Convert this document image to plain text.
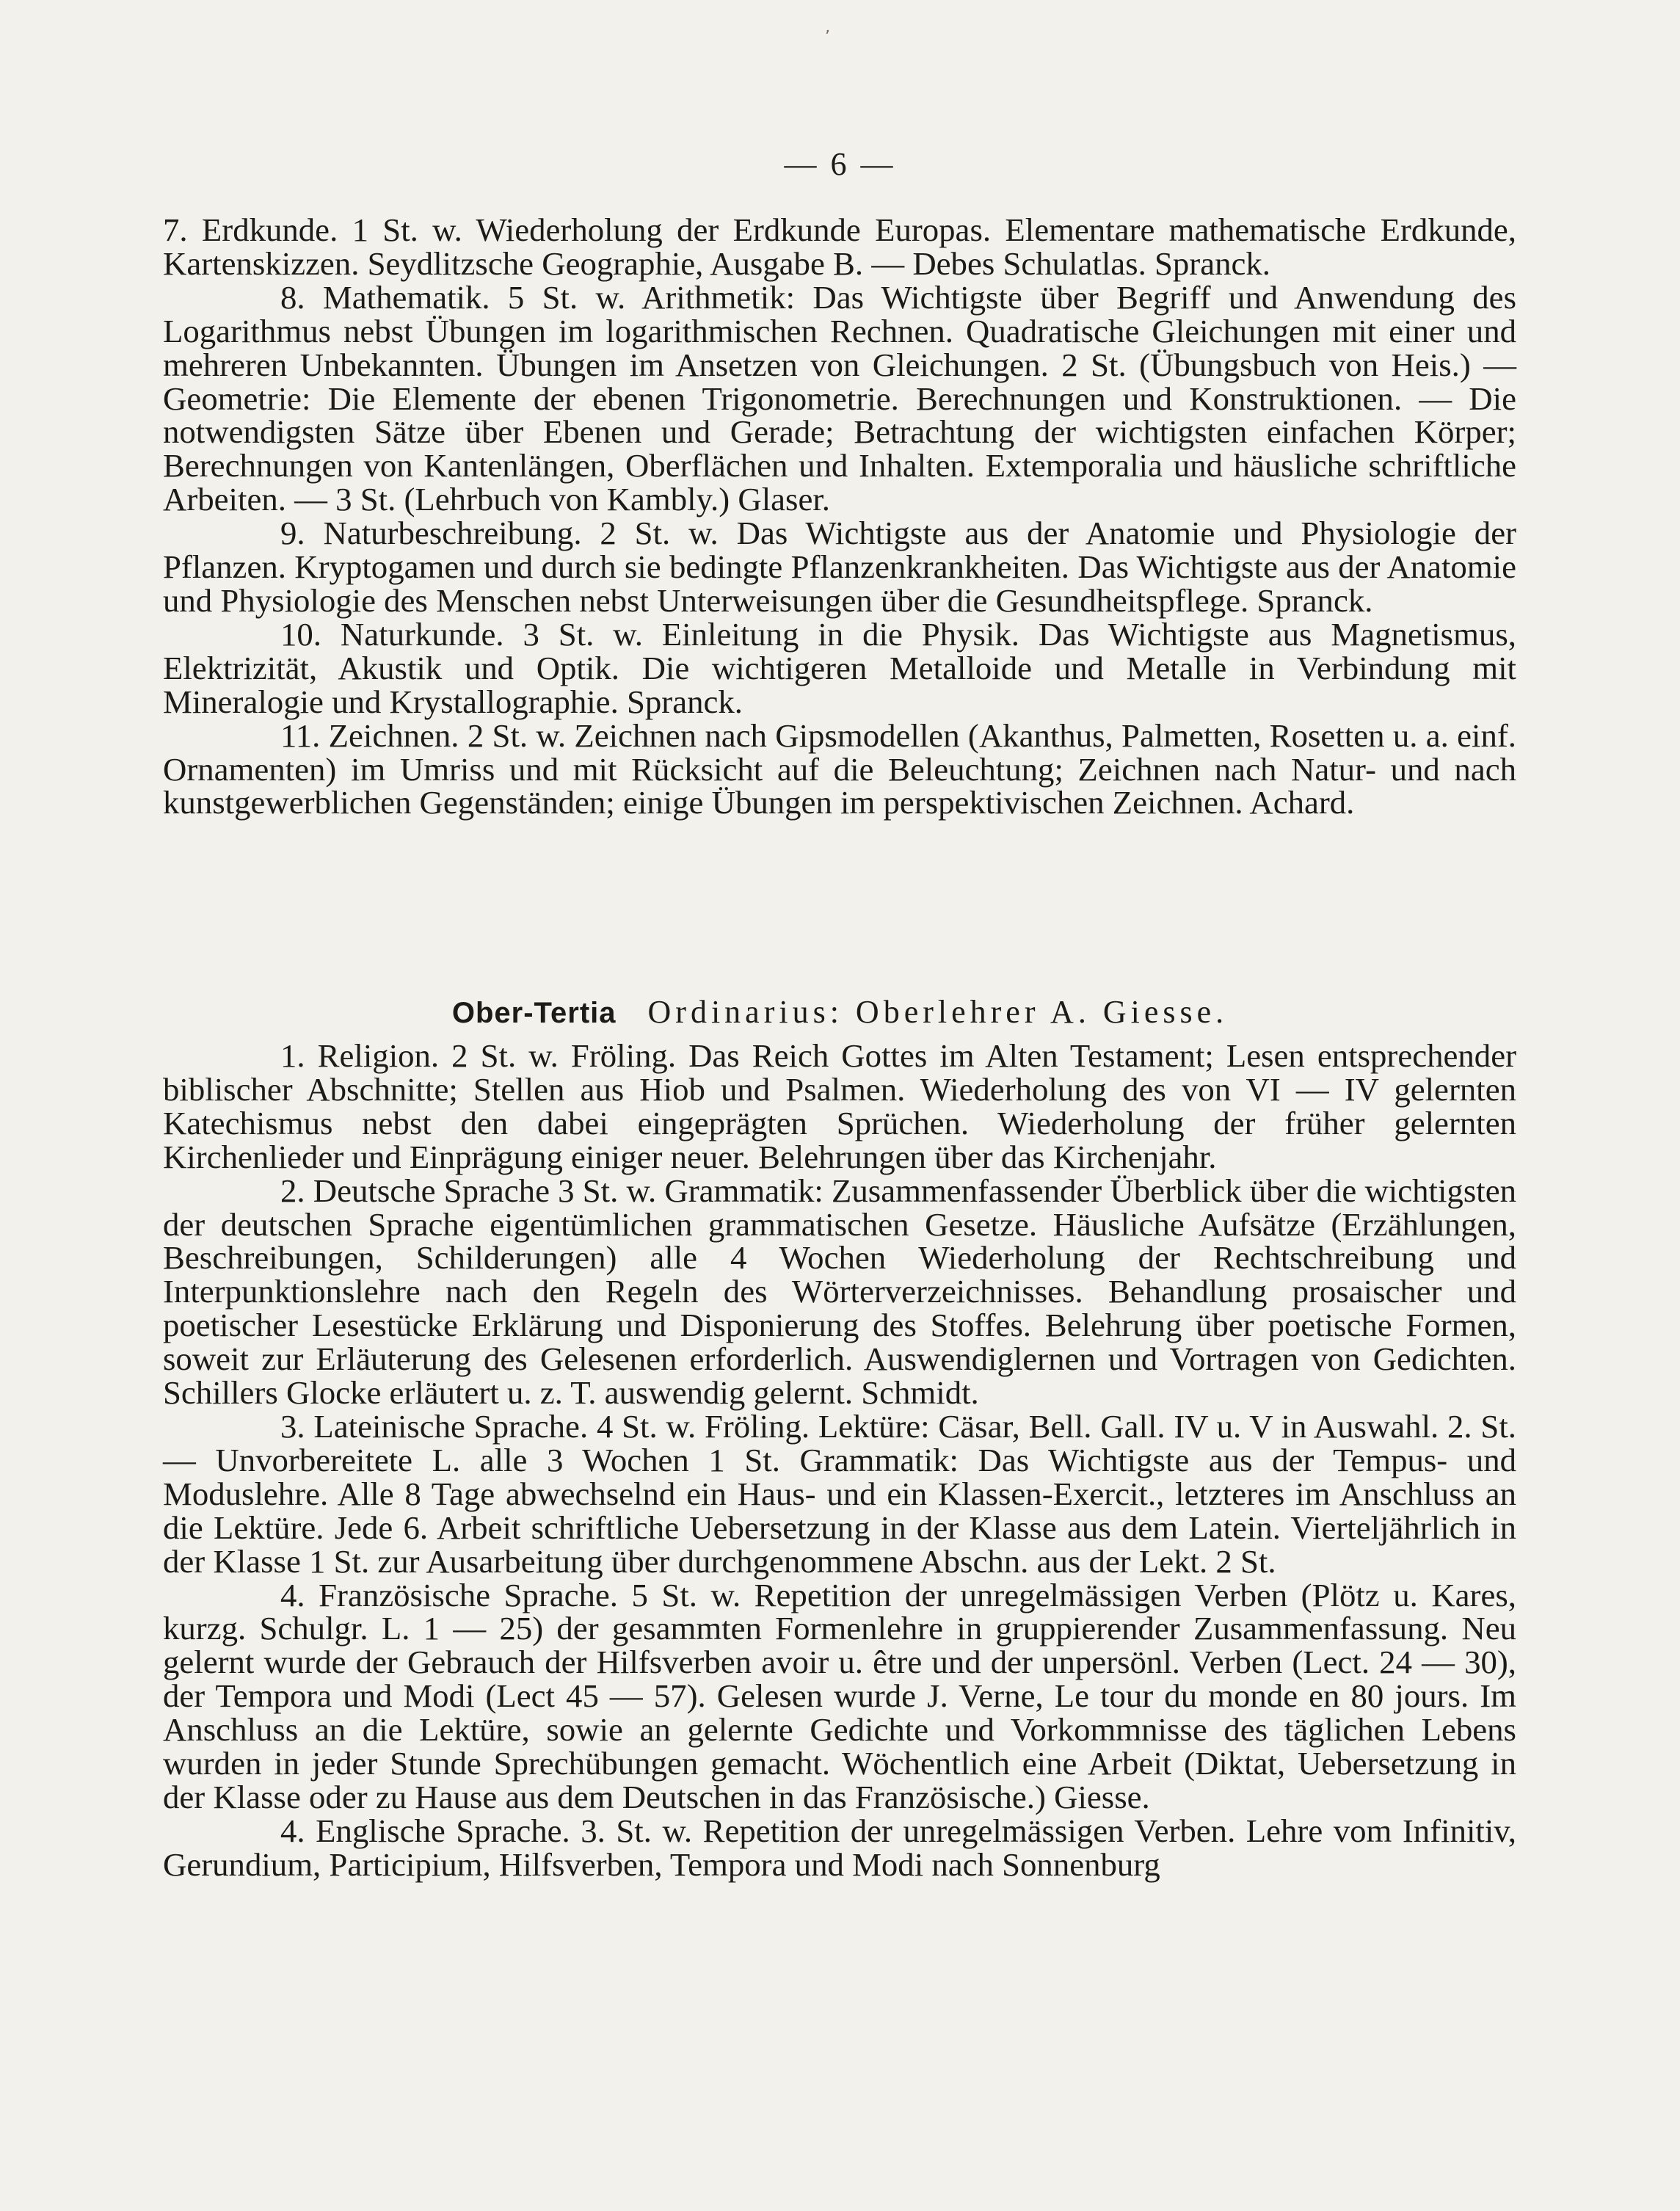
ʼ
— 6 —

7. Erdkunde. 1 St. w. Wiederholung der Erdkunde Europas. Elementare mathematische Erdkunde, Kartenskizzen. Seydlitzsche Geographie, Ausgabe B. — Debes Schulatlas. Spranck.

8. Mathematik. 5 St. w. Arithmetik: Das Wichtigste über Begriff und Anwendung des Logarithmus nebst Übungen im logarithmischen Rechnen. Quadratische Gleichungen mit einer und mehreren Unbekannten. Übungen im Ansetzen von Gleichungen. 2 St. (Übungsbuch von Heis.) — Geometrie: Die Elemente der ebenen Trigonometrie. Berechnungen und Konstruktionen. — Die notwendigsten Sätze über Ebenen und Gerade; Betrachtung der wichtigsten einfachen Körper; Berechnungen von Kantenlängen, Oberflächen und Inhalten. Extemporalia und häusliche schriftliche Arbeiten. — 3 St. (Lehrbuch von Kambly.) Glaser.

9. Naturbeschreibung. 2 St. w. Das Wichtigste aus der Anatomie und Physiologie der Pflanzen. Kryptogamen und durch sie bedingte Pflanzenkrankheiten. Das Wichtigste aus der Anatomie und Physiologie des Menschen nebst Unterweisungen über die Gesundheitspflege. Spranck.

10. Naturkunde. 3 St. w. Einleitung in die Physik. Das Wichtigste aus Magnetismus, Elektrizität, Akustik und Optik. Die wichtigeren Metalloide und Metalle in Verbindung mit Mineralogie und Krystallographie. Spranck.

11. Zeichnen. 2 St. w. Zeichnen nach Gipsmodellen (Akanthus, Palmetten, Rosetten u. a. einf. Ornamenten) im Umriss und mit Rücksicht auf die Beleuchtung; Zeichnen nach Natur- und nach kunstgewerblichen Gegenständen; einige Übungen im perspektivischen Zeichnen. Achard.

Ober-Tertia Ordinarius: Oberlehrer A. Giesse.

1. Religion. 2 St. w. Fröling. Das Reich Gottes im Alten Testament; Lesen entsprechender biblischer Abschnitte; Stellen aus Hiob und Psalmen. Wiederholung des von VI — IV gelernten Katechismus nebst den dabei eingeprägten Sprüchen. Wiederholung der früher gelernten Kirchenlieder und Einprägung einiger neuer. Belehrungen über das Kirchenjahr.

2. Deutsche Sprache 3 St. w. Grammatik: Zusammenfassender Überblick über die wichtigsten der deutschen Sprache eigentümlichen grammatischen Gesetze. Häusliche Aufsätze (Erzählungen, Beschreibungen, Schilderungen) alle 4 Wochen Wiederholung der Rechtschreibung und Interpunktionslehre nach den Regeln des Wörterverzeichnisses. Behandlung prosaischer und poetischer Lesestücke Erklärung und Disponierung des Stoffes. Belehrung über poetische Formen, soweit zur Erläuterung des Gelesenen erforderlich. Auswendiglernen und Vortragen von Gedichten. Schillers Glocke erläutert u. z. T. auswendig gelernt. Schmidt.

3. Lateinische Sprache. 4 St. w. Fröling. Lektüre: Cäsar, Bell. Gall. IV u. V in Auswahl. 2. St. — Unvorbereitete L. alle 3 Wochen 1 St. Grammatik: Das Wichtigste aus der Tempus- und Moduslehre. Alle 8 Tage abwechselnd ein Haus- und ein Klassen-Exercit., letzteres im Anschluss an die Lektüre. Jede 6. Arbeit schriftliche Uebersetzung in der Klasse aus dem Latein. Vierteljährlich in der Klasse 1 St. zur Ausarbeitung über durchgenommene Abschn. aus der Lekt. 2 St.

4. Französische Sprache. 5 St. w. Repetition der unregelmässigen Verben (Plötz u. Kares, kurzg. Schulgr. L. 1 — 25) der gesammten Formenlehre in gruppierender Zusammenfassung. Neu gelernt wurde der Gebrauch der Hilfsverben avoir u. être und der unpersönl. Verben (Lect. 24 — 30), der Tempora und Modi (Lect 45 — 57). Gelesen wurde J. Verne, Le tour du monde en 80 jours. Im Anschluss an die Lektüre, sowie an gelernte Gedichte und Vorkommnisse des täglichen Lebens wurden in jeder Stunde Sprechübungen gemacht. Wöchentlich eine Arbeit (Diktat, Uebersetzung in der Klasse oder zu Hause aus dem Deutschen in das Französische.) Giesse.

4. Englische Sprache. 3. St. w. Repetition der unregelmässigen Verben. Lehre vom Infinitiv, Gerundium, Participium, Hilfsverben, Tempora und Modi nach Sonnenburg
